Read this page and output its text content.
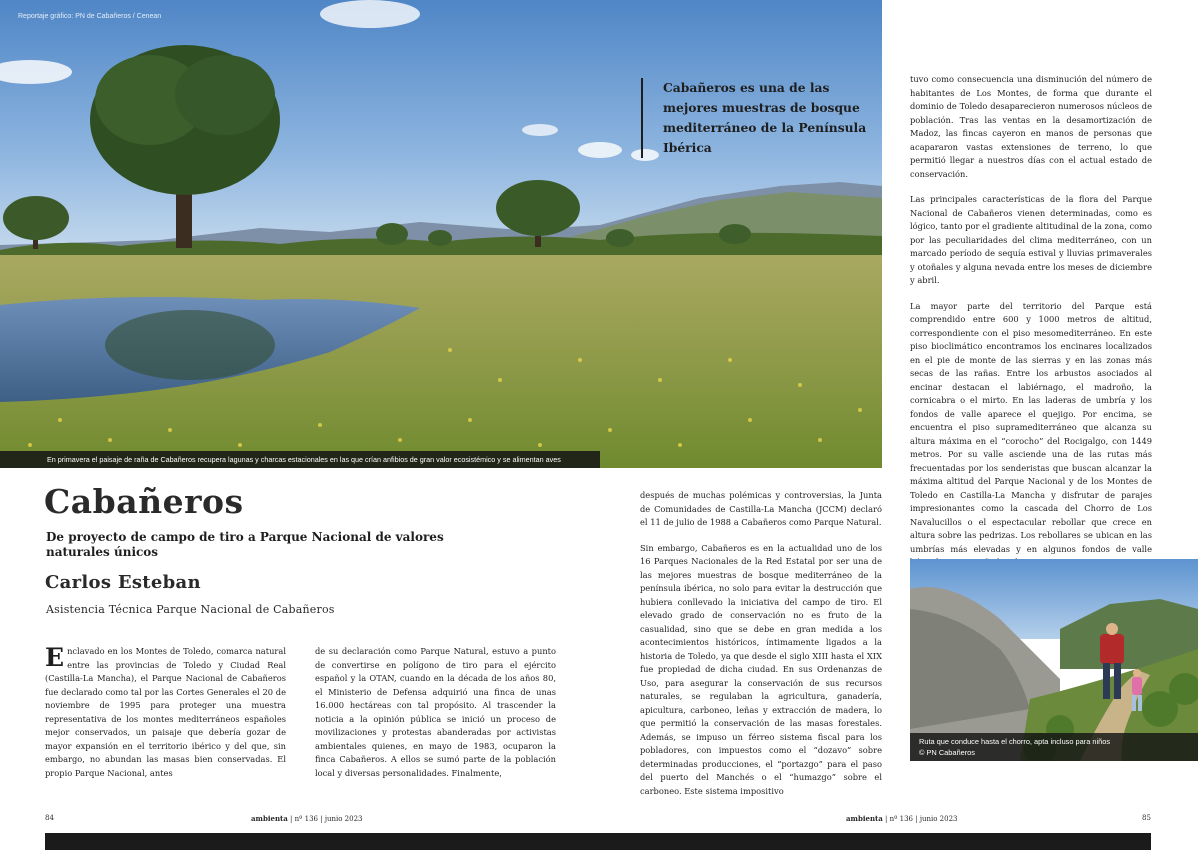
Reportaje gráfico: PN de Cabañeros / Cenean
En primavera el paisaje de raña de Cabañeros recupera lagunas y charcas estacionales en las que crían anfibios de gran valor ecosistémico y se alimentan aves
Cabañeros es una de las mejores muestras de bosque mediterráneo de la Península Ibérica
Cabañeros
De proyecto de campo de tiro a Parque Nacional de valores naturales únicos
Carlos Esteban
Asistencia Técnica Parque Nacional de Cabañeros

Enclavado en los Montes de Toledo, comarca natural entre las provincias de Toledo y Ciudad Real (Castilla-La Mancha), el Parque Nacional de Cabañeros fue declarado como tal por las Cortes Generales el 20 de noviembre de 1995 para proteger una muestra representativa de los montes mediterráneos españoles mejor conservados, un paisaje que debería gozar de mayor expansión en el territorio ibérico y del que, sin embargo, no abundan las masas bien conservadas. El propio Parque Nacional, antes

de su declaración como Parque Natural, estuvo a punto de convertirse en polígono de tiro para el ejército español y la OTAN, cuando en la década de los años 80, el Ministerio de Defensa adquirió una finca de unas 16.000 hectáreas con tal propósito. Al trascender la noticia a la opinión pública se inició un proceso de movilizaciones y protestas abanderadas por activistas ambientales quienes, en mayo de 1983, ocuparon la finca Cabañeros. A ellos se sumó parte de la población local y diversas personalidades. Finalmente,

después de muchas polémicas y controversias, la Junta de Comunidades de Castilla-La Mancha (JCCM) declaró el 11 de julio de 1988 a Cabañeros como Parque Natural.

Sin embargo, Cabañeros es en la actualidad uno de los 16 Parques Nacionales de la Red Estatal por ser una de las mejores muestras de bosque mediterráneo de la península ibérica, no solo para evitar la destrucción que hubiera conllevado la iniciativa del campo de tiro. El elevado grado de conservación no es fruto de la casualidad, sino que se debe en gran medida a los acontecimientos históricos, íntimamente ligados a la historia de Toledo, ya que desde el siglo XIII hasta el XIX fue propiedad de dicha ciudad. En sus Ordenanzas de Uso, para asegurar la conservación de sus recursos naturales, se regulaban la agricultura, ganadería, apicultura, carboneo, leñas y extracción de madera, lo que permitió la conservación de las masas forestales. Además, se impuso un férreo sistema fiscal para los pobladores, con impuestos como el “dozavo” sobre determinadas producciones, el “portazgo” para el paso del puerto del Manchés o el “humazgo” sobre el carboneo. Este sistema impositivo

tuvo como consecuencia una disminución del número de habitantes de Los Montes, de forma que durante el dominio de Toledo desaparecieron numerosos núcleos de población. Tras las ventas en la desamortización de Madoz, las fincas cayeron en manos de personas que acapararon vastas extensiones de terreno, lo que permitió llegar a nuestros días con el actual estado de conservación.

Las principales características de la flora del Parque Nacional de Cabañeros vienen determinadas, como es lógico, tanto por el gradiente altitudinal de la zona, como por las peculiaridades del clima mediterráneo, con un marcado período de sequía estival y lluvias primaverales y otoñales y alguna nevada entre los meses de diciembre y abril.

La mayor parte del territorio del Parque está comprendido entre 600 y 1000 metros de altitud, correspondiente con el piso mesomediterráneo. En este piso bioclimático encontramos los encinares localizados en el pie de monte de las sierras y en las zonas más secas de las rañas. Entre los arbustos asociados al encinar destacan el labiérnago, el madroño, la cornicabra o el mirto. En las laderas de umbría y los fondos de valle aparece el quejigo. Por encima, se encuentra el piso supramediterráneo que alcanza su altura máxima en el “corocho” del Rocigalgo, con 1449 metros. Por su valle asciende una de las rutas más frecuentadas por los senderistas que buscan alcanzar la máxima altitud del Parque Nacional y de los Montes de Toledo en Castilla-La Mancha y disfrutar de parajes impresionantes como la cascada del Chorro de Los Navalucillos o el espectacular rebollar que crece en altura sobre las pedrizas. Los rebollares se ubican en las umbrías más elevadas y en algunos fondos de valle

Ruta que conduce hasta el chorro, apta incluso para niños
© PN Cabañeros
84	ambienta | nº 136 | junio 2023	ambienta | nº 136 | junio 2023	85
